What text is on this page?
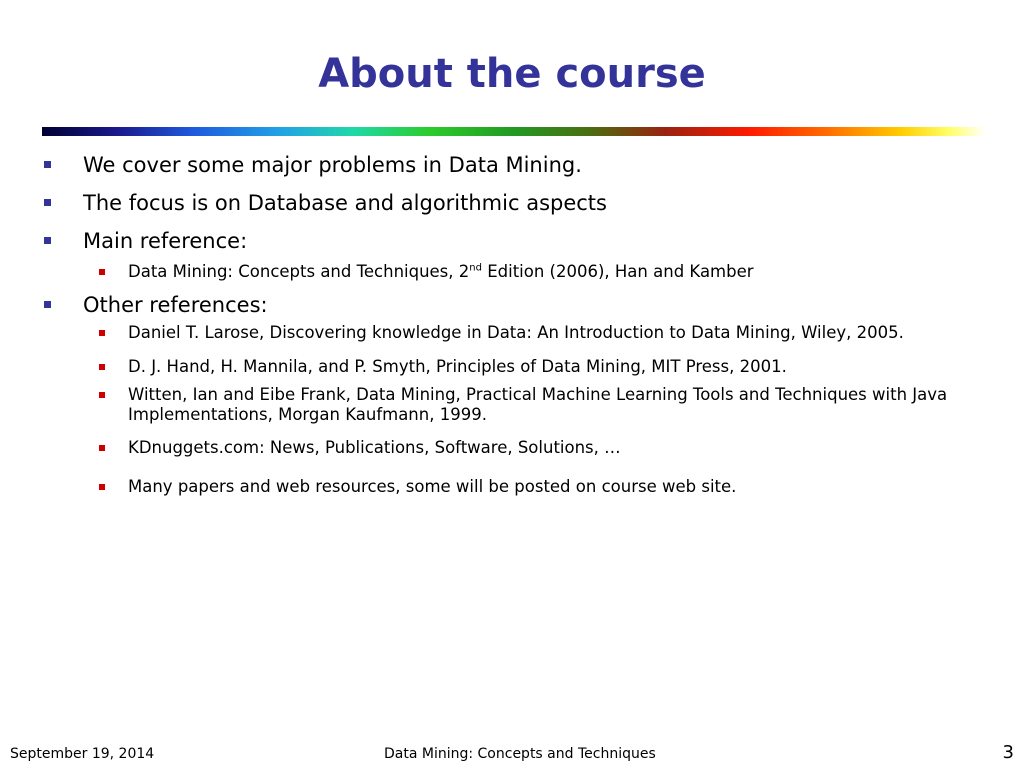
About the course
We cover some major problems in Data Mining.
The focus is on Database and algorithmic aspects
Main reference:
Data Mining: Concepts and Techniques, 2nd Edition (2006), Han and Kamber
Other references:
Daniel T. Larose, Discovering knowledge in Data: An Introduction to Data Mining, Wiley, 2005.
D. J. Hand, H. Mannila, and P. Smyth, Principles of Data Mining, MIT Press, 2001.
Witten, Ian and Eibe Frank, Data Mining, Practical Machine Learning Tools and Techniques with Java Implementations, Morgan Kaufmann, 1999.
KDnuggets.com: News, Publications, Software, Solutions, …
Many papers and web resources, some will be posted on course web site.
September 19, 2014	Data Mining: Concepts and Techniques	3
